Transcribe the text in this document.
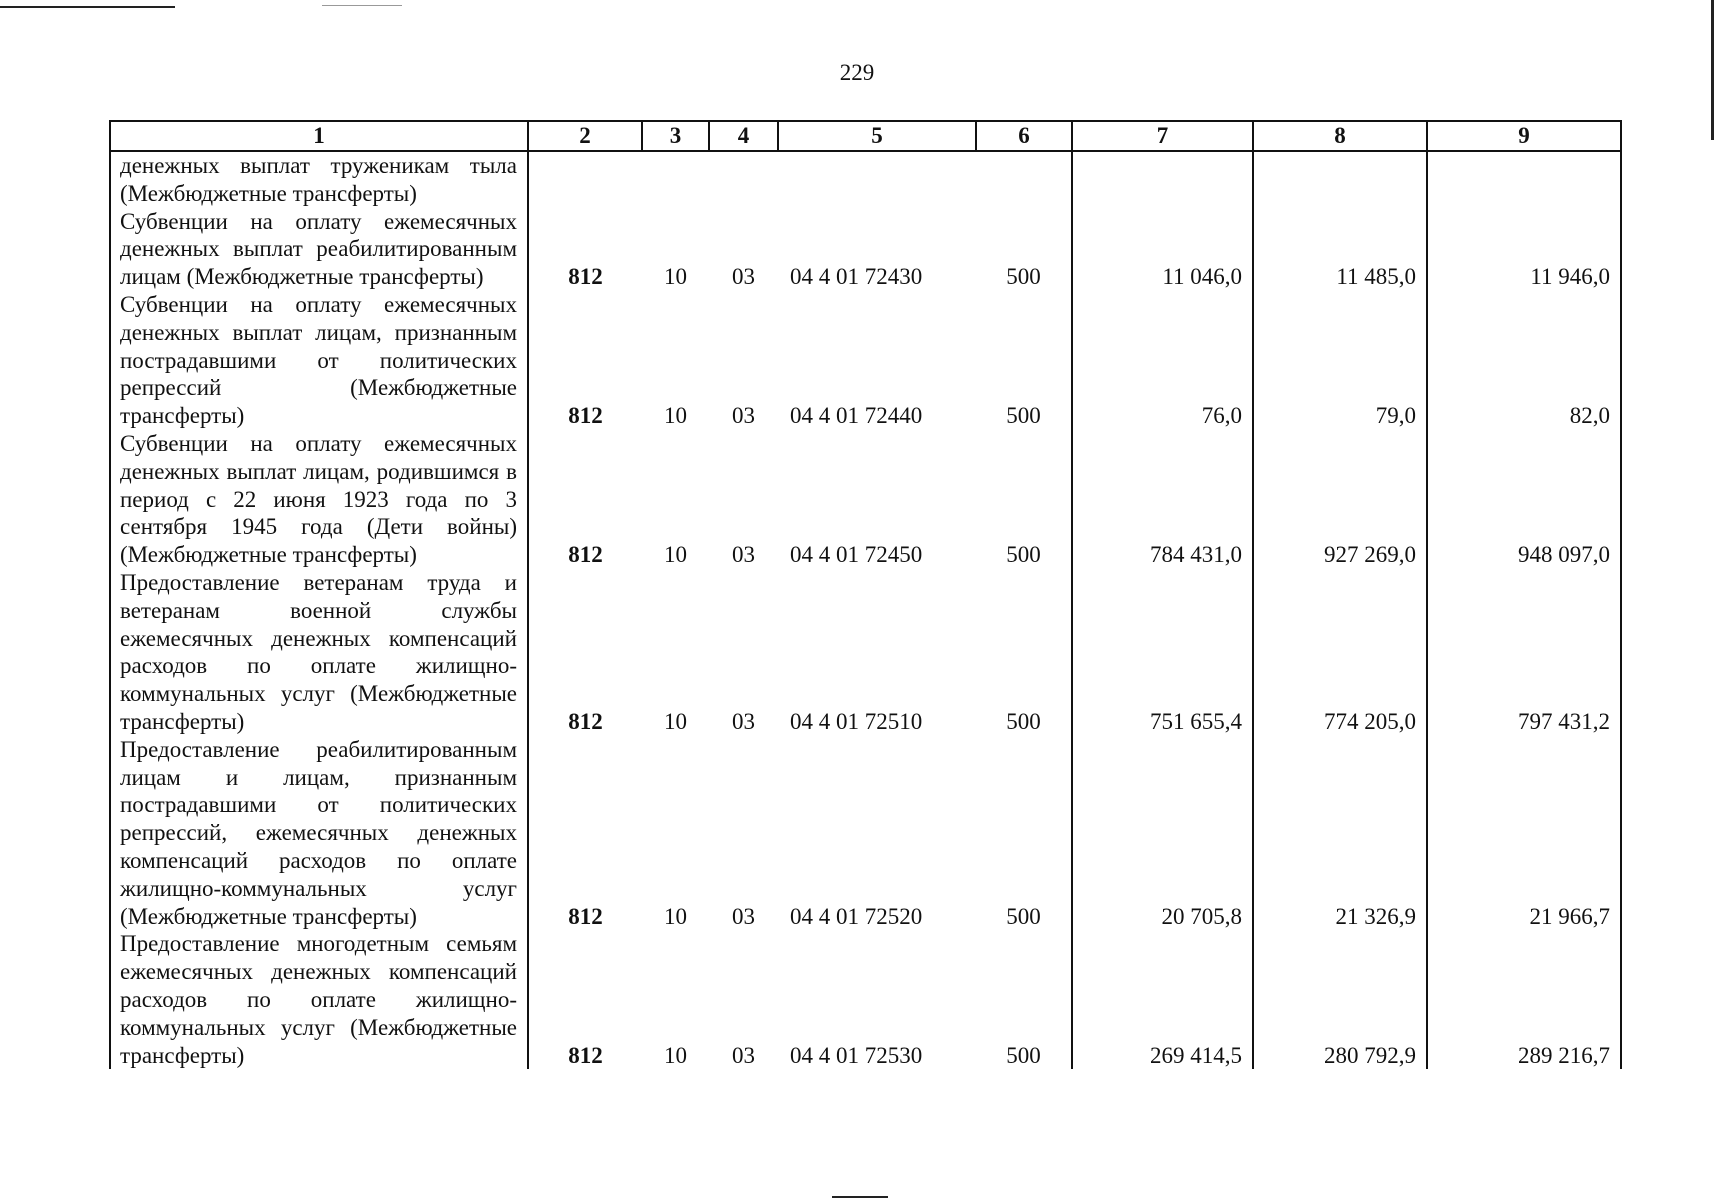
229
1	2	3	4	5	6	7	8	9
денежных выплат труженикам тыла (Межбюджетные трансферты)								
Субвенции на оплату ежемесячных денежных выплат реабилитированным лицам (Межбюджетные трансферты)	812	10	03	04 4 01 72430	500	11 046,0	11 485,0	11 946,0
Субвенции на оплату ежемесячных денежных выплат лицам, признанным пострадавшими от политических репрессий (Межбюджетные трансферты)	812	10	03	04 4 01 72440	500	76,0	79,0	82,0
Субвенции на оплату ежемесячных денежных выплат лицам, родившимся в период с 22 июня 1923 года по 3 сентября 1945 года (Дети войны) (Межбюджетные трансферты)	812	10	03	04 4 01 72450	500	784 431,0	927 269,0	948 097,0
Предоставление ветеранам труда и ветеранам военной службы ежемесячных денежных компенсаций расходов по оплате жилищно-коммунальных услуг (Межбюджетные трансферты)	812	10	03	04 4 01 72510	500	751 655,4	774 205,0	797 431,2
Предоставление реабилитированным лицам и лицам, признанным пострадавшими от политических репрессий, ежемесячных денежных компенсаций расходов по оплате жилищно-коммунальных услуг (Межбюджетные трансферты)	812	10	03	04 4 01 72520	500	20 705,8	21 326,9	21 966,7
Предоставление многодетным семьям ежемесячных денежных компенсаций расходов по оплате жилищно-коммунальных услуг (Межбюджетные трансферты)	812	10	03	04 4 01 72530	500	269 414,5	280 792,9	289 216,7
